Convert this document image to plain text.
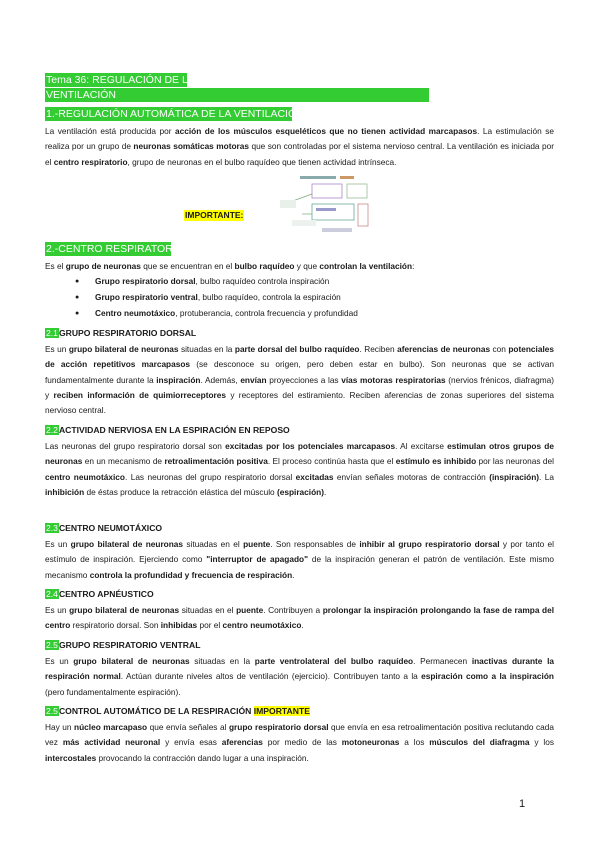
Tema 36: REGULACIÓN DE LA
VENTILACIÓN
1.-REGULACIÓN AUTOMÁTICA DE LA VENTILACIÓN
La ventilación está producida por acción de los músculos esqueléticos que no tienen actividad marcapasos. La estimulación se realiza por un grupo de neuronas somáticas motoras que son controladas por el sistema nervioso central. La ventilación es iniciada por el centro respiratorio, grupo de neuronas en el bulbo raquídeo que tienen actividad intrínseca.
IMPORTANTE:
2.-CENTRO RESPIRATORIO
Es el grupo de neuronas que se encuentran en el bulbo raquídeo y que controlan la ventilación:
● Grupo respiratorio dorsal, bulbo raquídeo controla inspiración
● Grupo respiratorio ventral, bulbo raquídeo, controla la espiración
● Centro neumotáxico, protuberancia, controla frecuencia y profundidad
2.1GRUPO RESPIRATORIO DORSAL
Es un grupo bilateral de neuronas situadas en la parte dorsal del bulbo raquídeo. Reciben aferencias de neuronas con potenciales de acción repetitivos marcapasos (se desconoce su origen, pero deben estar en bulbo). Son neuronas que se activan fundamentalmente durante la inspiración. Además, envían proyecciones a las vías motoras respiratorias (nervios frénicos, diafragma) y reciben información de quimiorreceptores y receptores del estiramiento. Reciben aferencias de zonas superiores del sistema nervioso central.
2.2ACTIVIDAD NERVIOSA EN LA ESPIRACIÓN EN REPOSO
Las neuronas del grupo respiratorio dorsal son excitadas por los potenciales marcapasos. Al excitarse estimulan otros grupos de neuronas en un mecanismo de retroalimentación positiva. El proceso continúa hasta que el estímulo es inhibido por las neuronas del centro neumotáxico. Las neuronas del grupo respiratorio dorsal excitadas envían señales motoras de contracción (inspiración). La inhibición de éstas produce la retracción elástica del músculo (espiración).
2.3CENTRO NEUMOTÁXICO
Es un grupo bilateral de neuronas situadas en el puente. Son responsables de inhibir al grupo respiratorio dorsal y por tanto el estímulo de inspiración. Ejerciendo como "interruptor de apagado" de la inspiración generan el patrón de ventilación. Este mismo mecanismo controla la profundidad y frecuencia de respiración.
2.4CENTRO APNÉUSTICO
Es un grupo bilateral de neuronas situadas en el puente. Contribuyen a prolongar la inspiración prolongando la fase de rampa del centro respiratorio dorsal. Son inhibidas por el centro neumotáxico.
2.5GRUPO RESPIRATORIO VENTRAL
Es un grupo bilateral de neuronas situadas en la parte ventrolateral del bulbo raquídeo. Permanecen inactivas durante la respiración normal. Actúan durante niveles altos de ventilación (ejercicio). Contribuyen tanto a la espiración como a la inspiración (pero fundamentalmente espiración).
2.5CONTROL AUTOMÁTICO DE LA RESPIRACIÓN IMPORTANTE
Hay un núcleo marcapaso que envía señales al grupo respiratorio dorsal que envía en esa retroalimentación positiva reclutando cada vez más actividad neuronal y envía esas aferencias por medio de las motoneuronas a los músculos del diafragma y los intercostales provocando la contracción dando lugar a una inspiración.
1
